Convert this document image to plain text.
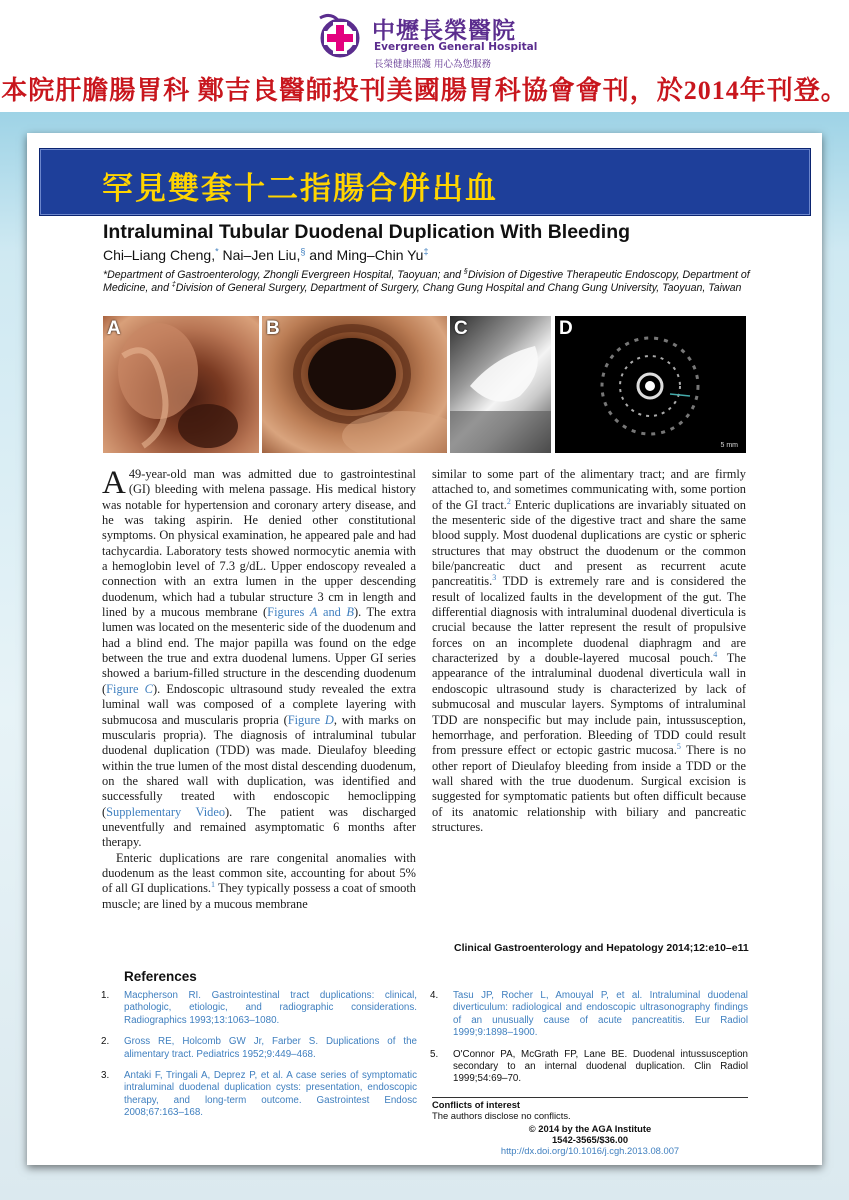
中壢長榮醫院
Evergreen General Hospital
長榮健康照護 用心為您服務
本院肝膽腸胃科 鄭吉良醫師投刊美國腸胃科協會會刊，於2014年刊登。
罕見雙套十二指腸合併出血
Intraluminal Tubular Duodenal Duplication With Bleeding
Chi–Liang Cheng,* Nai–Jen Liu,§ and Ming–Chin Yu‡
*Department of Gastroenterology, Zhongli Evergreen Hospital, Taoyuan; and §Division of Digestive Therapeutic Endoscopy, Department of Medicine, and ‡Division of General Surgery, Department of Surgery, Chang Gung Hospital and Chang Gung University, Taoyuan, Taiwan
A	B	C	D
5 mm

A 49-year-old man was admitted due to gastrointestinal (GI) bleeding with melena passage. His medical history was notable for hypertension and coronary artery disease, and he was taking aspirin. He denied other constitutional symptoms. On physical examination, he appeared pale and had tachycardia. Laboratory tests showed normocytic anemia with a hemoglobin level of 7.3 g/dL. Upper endoscopy revealed a connection with an extra lumen in the upper descending duodenum, which had a tubular structure 3 cm in length and lined by a mucous membrane (Figures A and B). The extra lumen was located on the mesenteric side of the duodenum and had a blind end. The major papilla was found on the edge between the true and extra duodenal lumens. Upper GI series showed a barium-filled structure in the descending duodenum (Figure C). Endoscopic ultrasound study revealed the extra luminal wall was composed of a complete layering with submucosa and muscularis propria (Figure D, with marks on muscularis propria). The diagnosis of intraluminal tubular duodenal duplication (TDD) was made. Dieulafoy bleeding within the true lumen of the most distal descending duodenum, on the shared wall with duplication, was identified and successfully treated with endoscopic hemoclipping (Supplementary Video). The patient was discharged uneventfully and remained asymptomatic 6 months after therapy.

Enteric duplications are rare congenital anomalies with duodenum as the least common site, accounting for about 5% of all GI duplications.$^1$ They typically possess a coat of smooth muscle; are lined by a mucous membrane

similar to some part of the alimentary tract; and are firmly attached to, and sometimes communicating with, some portion of the GI tract.$^2$ Enteric duplications are invariably situated on the mesenteric side of the digestive tract and share the same blood supply. Most duodenal duplications are cystic or spheric structures that may obstruct the duodenum or the common bile/pancreatic duct and present as recurrent acute pancreatitis.$^3$ TDD is extremely rare and is considered the result of localized faults in the development of the gut. The differential diagnosis with intraluminal duodenal diverticula is crucial because the latter represent the result of propulsive forces on an incomplete duodenal diaphragm and are characterized by a double-layered mucosal pouch.$^4$ The appearance of the intraluminal duodenal diverticula wall in endoscopic ultrasound study is characterized by lack of submucosal and muscular layers. Symptoms of intraluminal TDD are nonspecific but may include pain, intussusception, hemorrhage, and perforation. Bleeding of TDD could result from pressure effect or ectopic gastric mucosa.$^5$ There is no other report of Dieulafoy bleeding from inside a TDD or the wall shared with the true duodenum. Surgical excision is suggested for symptomatic patients but often difficult because of its anatomic relationship with biliary and pancreatic structures.

Clinical Gastroenterology and Hepatology 2014;12:e10–e11
References
1. Macpherson RI. Gastrointestinal tract duplications: clinical, pathologic, etiologic, and radiographic considerations. Radiographics 1993;13:1063–1080.
2. Gross RE, Holcomb GW Jr, Farber S. Duplications of the alimentary tract. Pediatrics 1952;9:449–468.
3. Antaki F, Tringali A, Deprez P, et al. A case series of symptomatic intraluminal duodenal duplication cysts: presentation, endoscopic therapy, and long-term outcome. Gastrointest Endosc 2008;67:163–168.
4. Tasu JP, Rocher L, Amouyal P, et al. Intraluminal duodenal diverticulum: radiological and endoscopic ultrasonography findings of an unusually cause of acute pancreatitis. Eur Radiol 1999;9:1898–1900.
5. O'Connor PA, McGrath FP, Lane BE. Duodenal intussusception secondary to an internal duodenal duplication. Clin Radiol 1999;54:69–70.
Conflicts of interest
The authors disclose no conflicts.
© 2014 by the AGA Institute
1542-3565/$36.00
http://dx.doi.org/10.1016/j.cgh.2013.08.007
